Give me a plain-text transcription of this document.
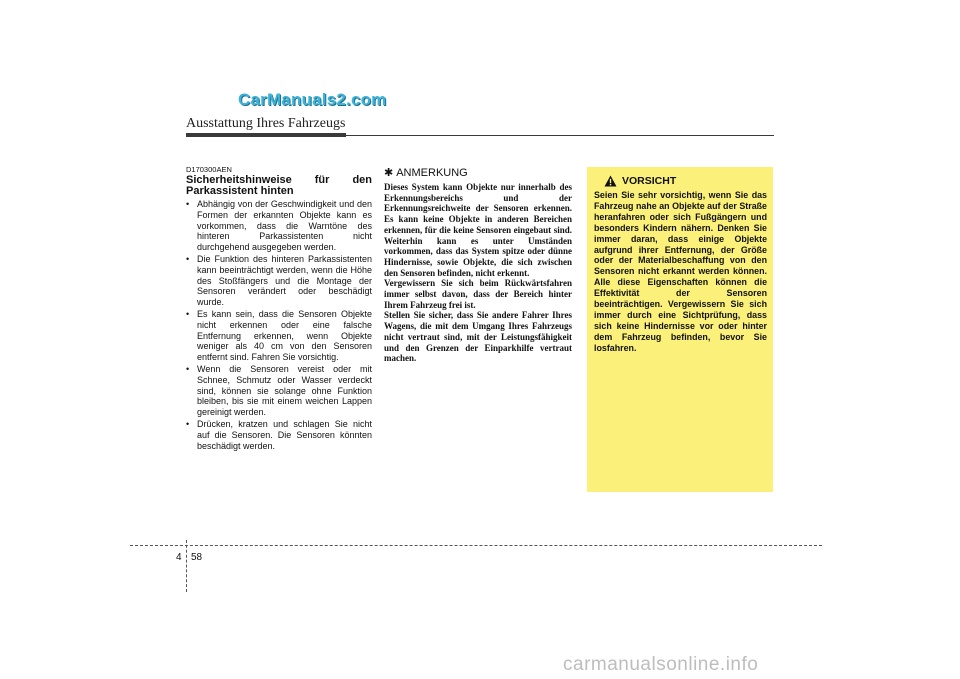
CarManuals2.com
Ausstattung Ihres Fahrzeugs
D170300AEN
Sicherheitshinweise für den
Parkassistent hinten
• Abhängig von der Geschwindigkeit und den Formen der erkannten Objekte kann es vorkommen, dass die Warntöne des hinteren Parkassistenten nicht durchgehend ausgegeben werden.
• Die Funktion des hinteren Parkassistenten kann beeinträchtigt werden, wenn die Höhe des Stoßfängers und die Montage der Sensoren verändert oder beschädigt wurde.
• Es kann sein, dass die Sensoren Objekte nicht erkennen oder eine falsche Entfernung erkennen, wenn Objekte weniger als 40 cm von den Sensoren entfernt sind. Fahren Sie vorsichtig.
• Wenn die Sensoren vereist oder mit Schnee, Schmutz oder Wasser verdeckt sind, können sie solange ohne Funktion bleiben, bis sie mit einem weichen Lappen gereinigt werden.
• Drücken, kratzen und schlagen Sie nicht auf die Sensoren. Die Sensoren könnten beschädigt werden.
✱ ANMERKUNG

Dieses System kann Objekte nur innerhalb des Erkennungsbereichs und der Erkennungsreichweite der Sensoren erkennen. Es kann keine Objekte in anderen Bereichen erkennen, für die keine Sensoren eingebaut sind. Weiterhin kann es unter Umständen vorkommen, dass das System spitze oder dünne Hindernisse, sowie Objekte, die sich zwischen den Sensoren befinden, nicht erkennt.
Vergewissern Sie sich beim Rückwärtsfahren immer selbst davon, dass der Bereich hinter Ihrem Fahrzeug frei ist.
Stellen Sie sicher, dass Sie andere Fahrer Ihres Wagens, die mit dem Umgang Ihres Fahrzeugs nicht vertraut sind, mit der Leistungsfähigkeit und den Grenzen der Einparkhilfe vertraut machen.

VORSICHT

Seien Sie sehr vorsichtig, wenn Sie das Fahrzeug nahe an Objekte auf der Straße heranfahren oder sich Fußgängern und besonders Kindern nähern. Denken Sie immer daran, dass einige Objekte aufgrund ihrer Entfernung, der Größe oder der Materialbeschaffung von den Sensoren nicht erkannt werden können. Alle diese Eigenschaften können die Effektivität der Sensoren beeinträchtigen. Vergewissern Sie sich immer durch eine Sichtprüfung, dass sich keine Hindernisse vor oder hinter dem Fahrzeug befinden, bevor Sie losfahren.

4 58
carmanualsonline.info
